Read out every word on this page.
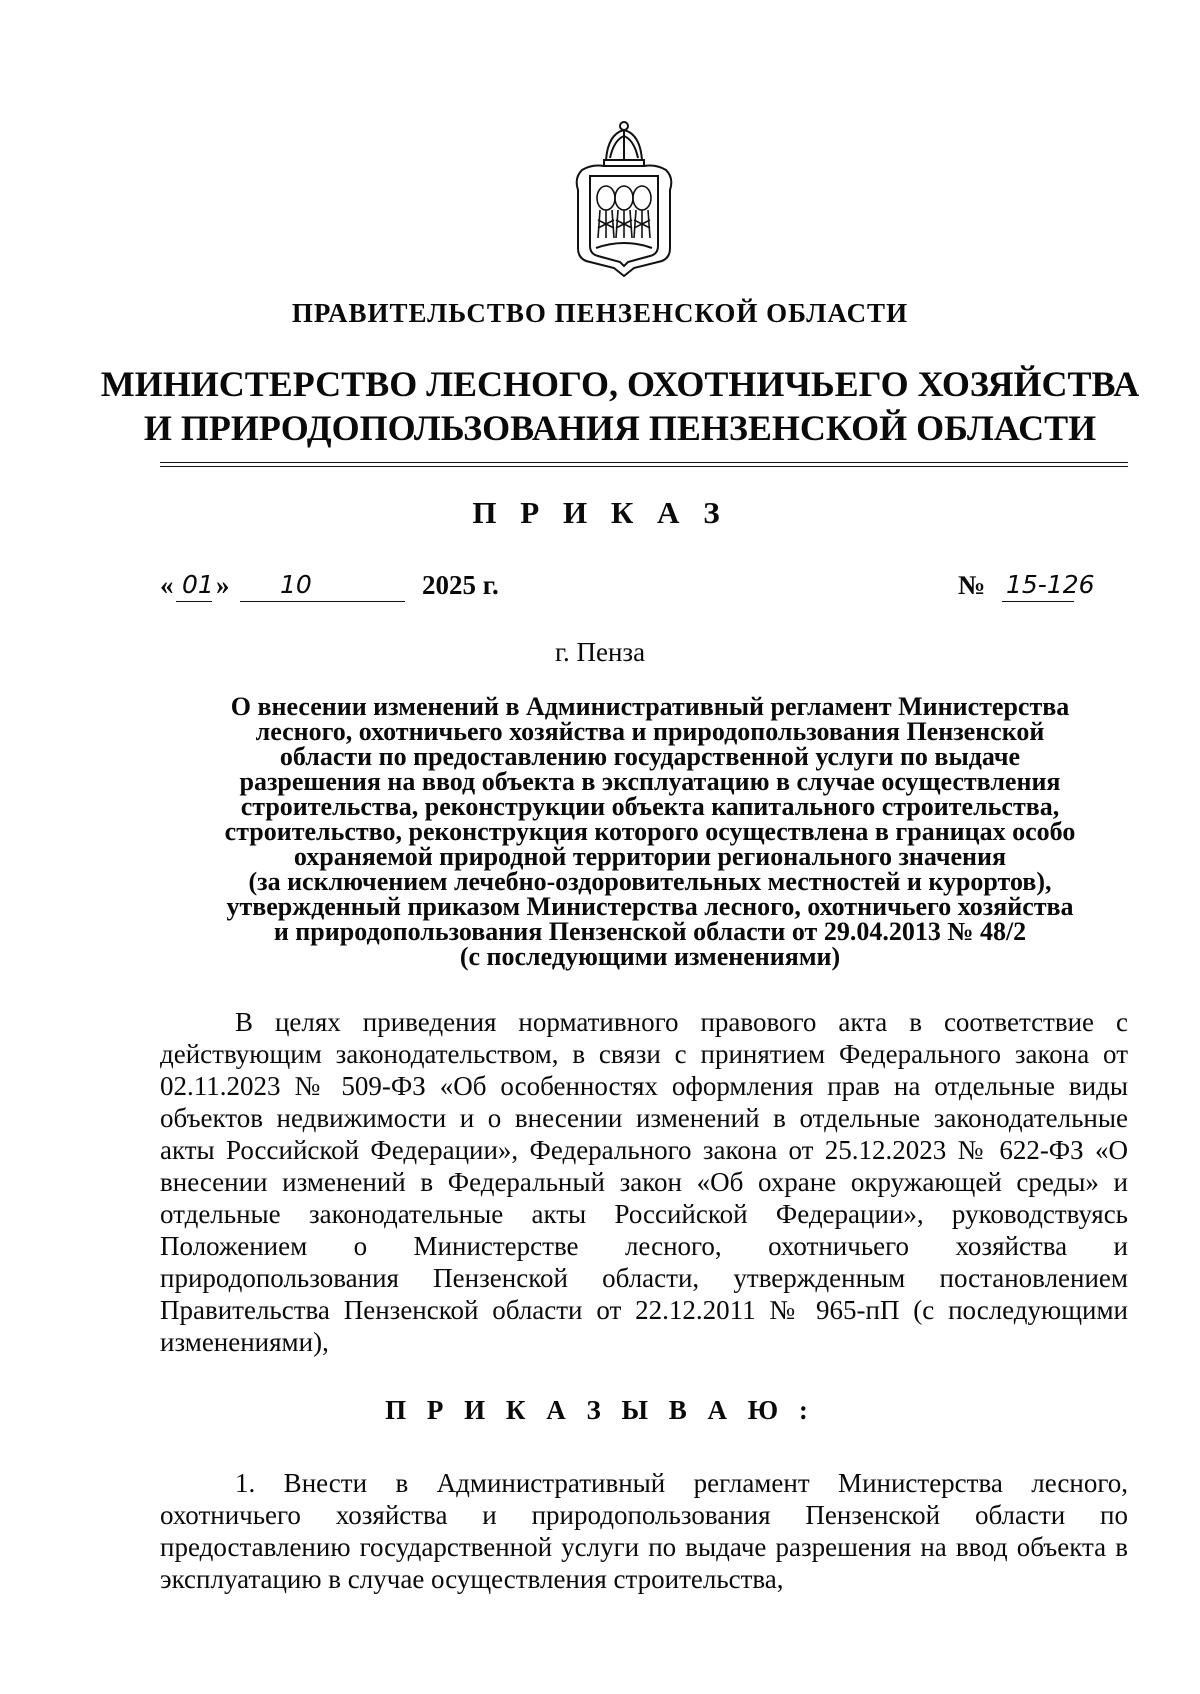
ПРАВИТЕЛЬСТВО ПЕНЗЕНСКОЙ ОБЛАСТИ
МИНИСТЕРСТВО ЛЕСНОГО, ОХОТНИЧЬЕГО ХОЗЯЙСТВА
И ПРИРОДОПОЛЬЗОВАНИЯ ПЕНЗЕНСКОЙ ОБЛАСТИ
П Р И К А З
« 01 » 10	2025 г.	№ 15-126
г. Пенза
О внесении изменений в Административный регламент Министерства
лесного, охотничьего хозяйства и природопользования Пензенской
области по предоставлению государственной услуги по выдаче
разрешения на ввод объекта в эксплуатацию в случае осуществления
строительства, реконструкции объекта капитального строительства,
строительство, реконструкция которого осуществлена в границах особо
охраняемой природной территории регионального значения
(за исключением лечебно-оздоровительных местностей и курортов),
утвержденный приказом Министерства лесного, охотничьего хозяйства
и природопользования Пензенской области от 29.04.2013 № 48/2
(с последующими изменениями)
В целях приведения нормативного правового акта в соответствие с действующим законодательством, в связи с принятием Федерального закона от 02.11.2023 № 509-ФЗ «Об особенностях оформления прав на отдельные виды объектов недвижимости и о внесении изменений в отдельные законодательные акты Российской Федерации», Федерального закона от 25.12.2023 № 622-ФЗ «О внесении изменений в Федеральный закон «Об охране окружающей среды» и отдельные законодательные акты Российской Федерации», руководствуясь Положением о Министерстве лесного, охотничьего хозяйства и природопользования Пензенской области, утвержденным постановлением Правительства Пензенской области от 22.12.2011 № 965-пП (с последующими изменениями),
П Р И К А З Ы В А Ю :
1. Внести в Административный регламент Министерства лесного, охотничьего хозяйства и природопользования Пензенской области по предоставлению государственной услуги по выдаче разрешения на ввод объекта в эксплуатацию в случае осуществления строительства,
